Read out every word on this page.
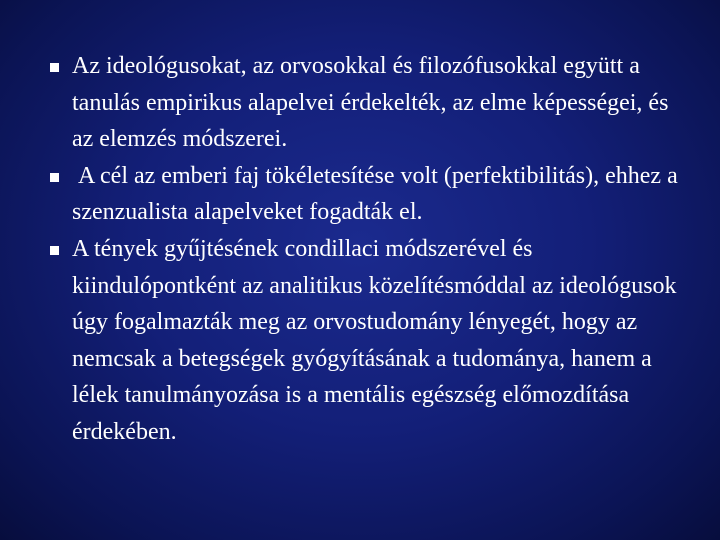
Az ideológusokat, az orvosokkal és filozófusokkal együtt a tanulás empirikus alapelvei érdekelték, az elme képességei, és az elemzés módszerei.
A cél az emberi faj tökéletesítése volt (perfektibilitás), ehhez a szenzualista alapelveket fogadták el.
A tények gyűjtésének condillaci módszerével és kiindulópontként az analitikus közelítésmóddal az ideológusok úgy fogalmazták meg az orvostudomány lényegét, hogy az nemcsak a betegségek gyógyításának a tudománya, hanem a lélek tanulmányozása is a mentális egészség előmozdítása érdekében.
